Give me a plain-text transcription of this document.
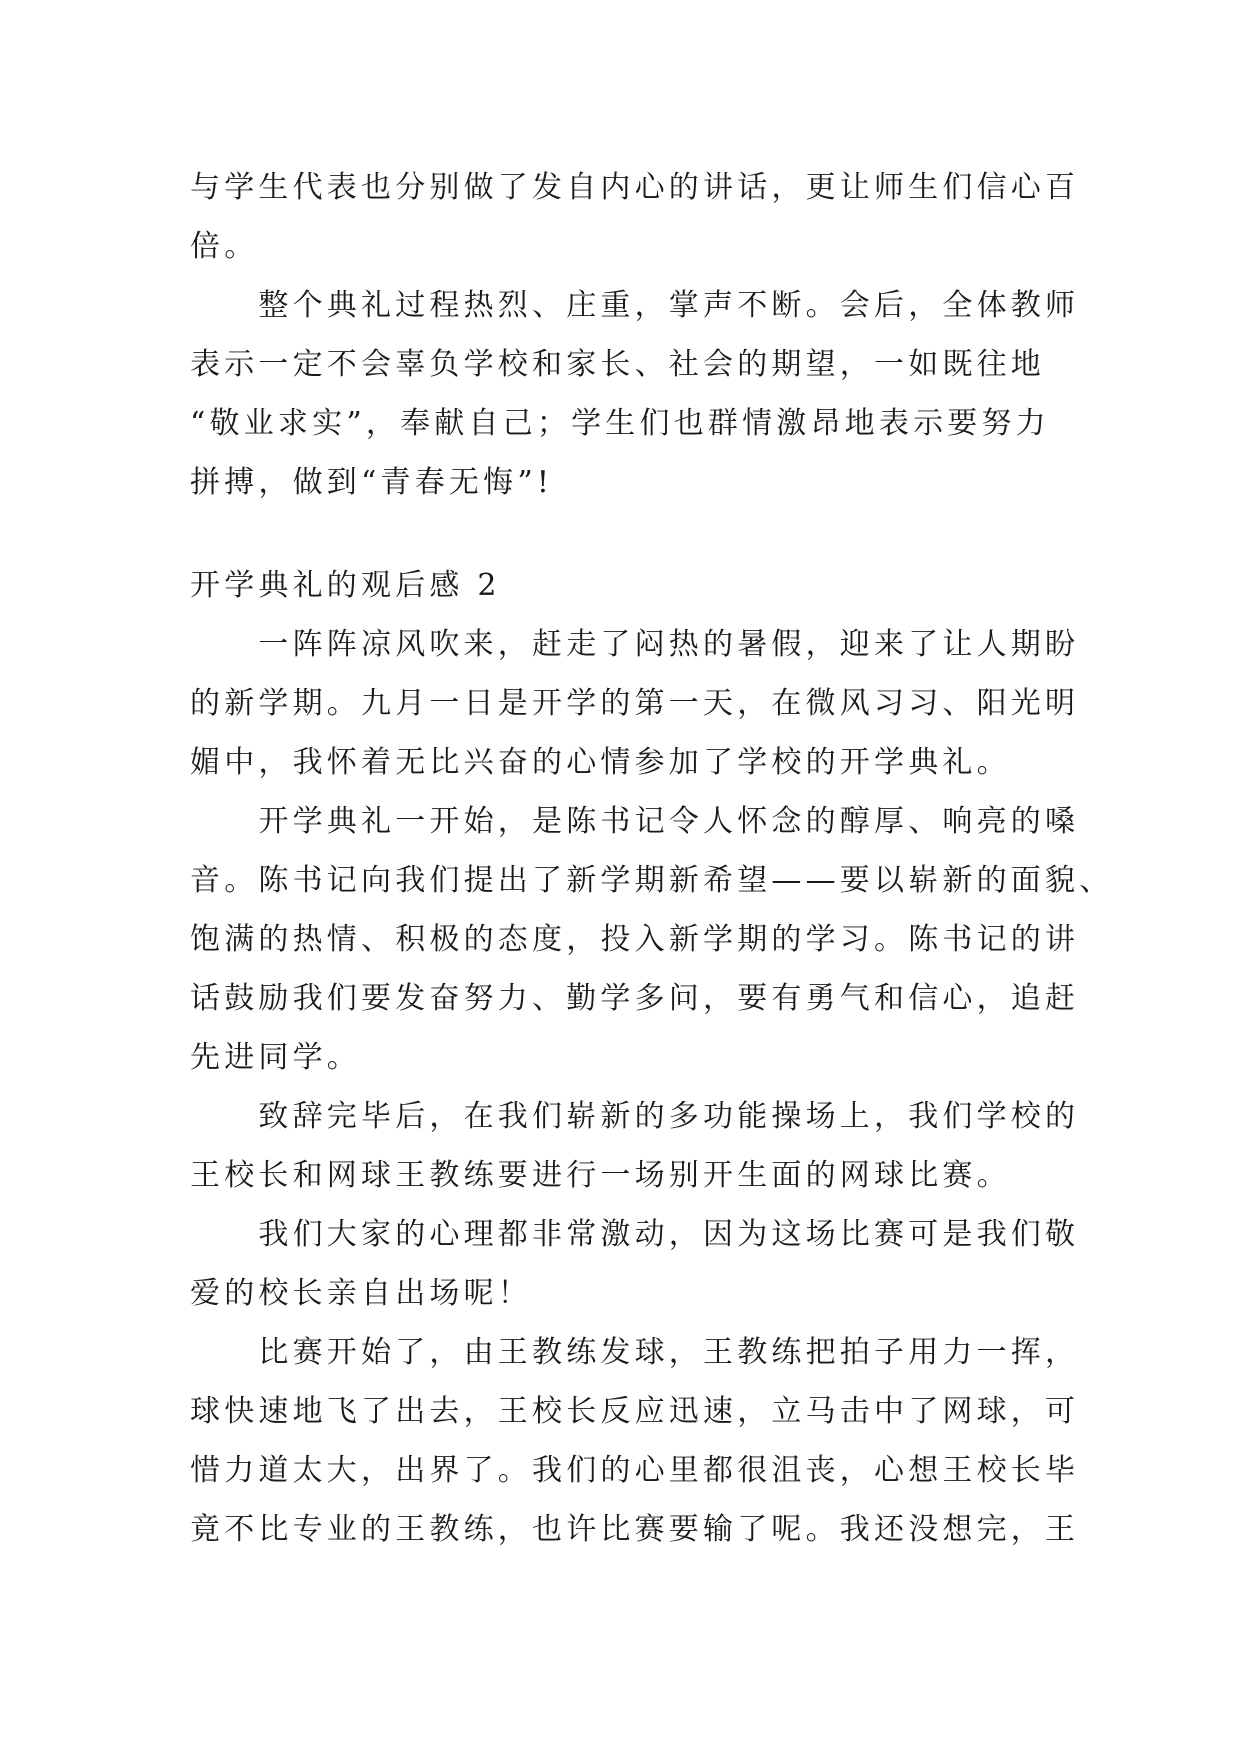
与学生代表也分别做了发自内心的讲话，更让师生们信心百
倍。
　　整个典礼过程热烈、庄重，掌声不断。会后，全体教师
表示一定不会辜负学校和家长、社会的期望，一如既往地
“敬业求实”，奉献自己；学生们也群情激昂地表示要努力
拼搏，做到“青春无悔”!
开学典礼的观后感 2
　　一阵阵凉风吹来，赶走了闷热的暑假，迎来了让人期盼
的新学期。九月一日是开学的第一天，在微风习习、阳光明
媚中，我怀着无比兴奋的心情参加了学校的开学典礼。
　　开学典礼一开始，是陈书记令人怀念的醇厚、响亮的嗓
音。陈书记向我们提出了新学期新希望——要以崭新的面貌、
饱满的热情、积极的态度，投入新学期的学习。陈书记的讲
话鼓励我们要发奋努力、勤学多问，要有勇气和信心，追赶
先进同学。
　　致辞完毕后，在我们崭新的多功能操场上，我们学校的
王校长和网球王教练要进行一场别开生面的网球比赛。
　　我们大家的心理都非常激动，因为这场比赛可是我们敬
爱的校长亲自出场呢！
　　比赛开始了，由王教练发球，王教练把拍子用力一挥，
球快速地飞了出去，王校长反应迅速，立马击中了网球，可
惜力道太大，出界了。我们的心里都很沮丧，心想王校长毕
竟不比专业的王教练，也许比赛要输了呢。我还没想完，王
